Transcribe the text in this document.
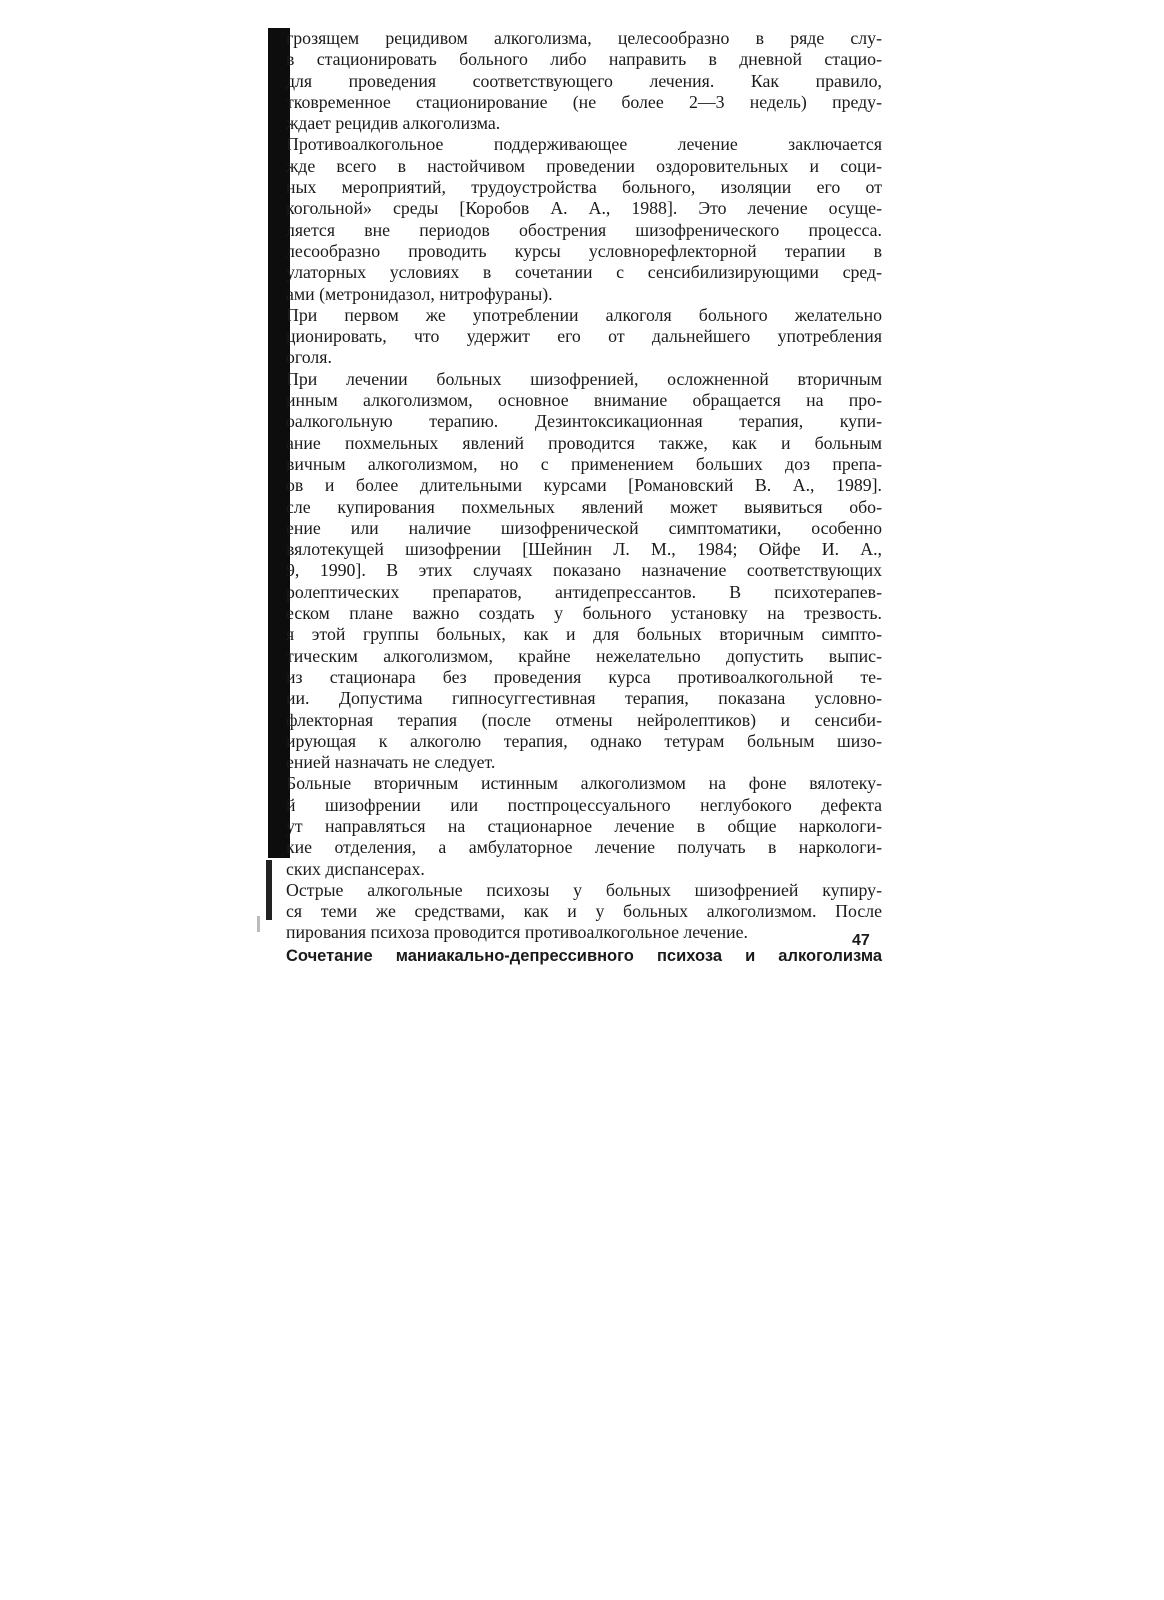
грозящем рецидивом алкоголизма, целесообразно в ряде слу-
в стационировать больного либо направить в дневной стацио-
для проведения соответствующего лечения. Как правило,
тковременное стационирование (не более 2—3 недель) преду-
ждает рецидив алкоголизма.
Противоалкогольное поддерживающее лечение заключается
жде всего в настойчивом проведении оздоровительных и соци-
ных мероприятий, трудоустройства больного, изоляции его от
когольной» среды [Коробов А. А., 1988]. Это лечение осуще-
ляется вне периодов обострения шизофренического процесса.
лесообразно проводить курсы условнорефлекторной терапии в
улаторных условиях в сочетании с сенсибилизирующими сред-
ами (метронидазол, нитрофураны).
При первом же употреблении алкоголя больного желательно
ционировать, что удержит его от дальнейшего употребления
оголя.
При лечении больных шизофренией, осложненной вторичным
инным алкоголизмом, основное внимание обращается на про-
оалкогольную терапию. Дезинтоксикационная терапия, купи-
ание похмельных явлений проводится также, как и больным
вичным алкоголизмом, но с применением больших доз препа-
ов и более длительными курсами [Романовский В. А., 1989].
сле купирования похмельных явлений может выявиться обо-
ение или наличие шизофренической симптоматики, особенно
вялотекущей шизофрении [Шейнин Л. М., 1984; Ойфе И. А.,
9, 1990]. В этих случаях показано назначение соответствующих
ролептических препаратов, антидепрессантов. В психотерапев-
еском плане важно создать у больного установку на трезвость.
я этой группы больных, как и для больных вторичным симпто-
тическим алкоголизмом, крайне нежелательно допустить выпис-
из стационара без проведения курса противоалкогольной те-
ии. Допустима гипносуггестивная терапия, показана условно-
флекторная терапия (после отмены нейролептиков) и сенсиби-
ирующая к алкоголю терапия, однако тетурам больным шизо-
енией назначать не следует.
Больные вторичным истинным алкоголизмом на фоне вялотеку-
й шизофрении или постпроцессуального неглубокого дефекта
ут направляться на стационарное лечение в общие наркологи-
кие отделения, а амбулаторное лечение получать в наркологи-
ских диспансерах.
Острые алкогольные психозы у больных шизофренией купиру-
ся теми же средствами, как и у больных алкоголизмом. После
пирования психоза проводится противоалкогольное лечение.
Сочетание маниакально-депрессивного психоза и алкоголизма
47
